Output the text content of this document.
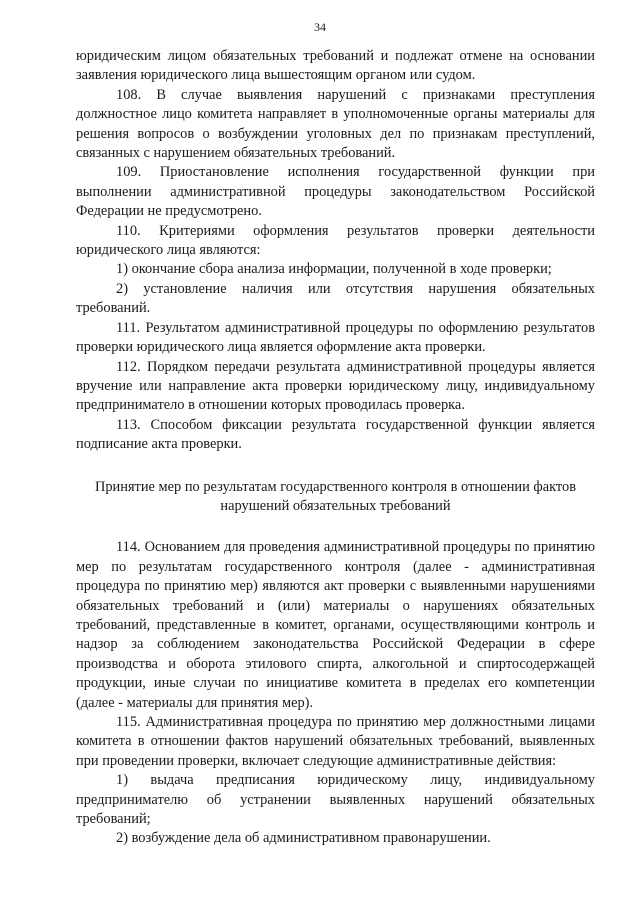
34

юридическим лицом обязательных требований и подлежат отмене на основании заявления юридического лица вышестоящим органом или судом.

108. В случае выявления нарушений с признаками преступления должностное лицо комитета направляет в уполномоченные органы материалы для решения вопросов о возбуждении уголовных дел по признакам преступлений, связанных с нарушением обязательных требований.

109. Приостановление исполнения государственной функции при выполнении административной процедуры законодательством Российской Федерации не предусмотрено.

110. Критериями оформления результатов проверки деятельности юридического лица являются:

1) окончание сбора анализа информации, полученной в ходе проверки;

2) установление наличия или отсутствия нарушения обязательных требований.

111. Результатом административной процедуры по оформлению результатов проверки юридического лица является оформление акта проверки.

112. Порядком передачи результата административной процедуры является вручение или направление акта проверки юридическому лицу, индивидуальному предприниматело в отношении которых проводилась проверка.

113. Способом фиксации результата государственной функции является подписание акта проверки.

Принятие мер по результатам государственного контроля в отношении фактов нарушений обязательных требований

114. Основанием для проведения административной процедуры по принятию мер по результатам государственного контроля (далее - административная процедура по принятию мер) являются акт проверки с выявленными нарушениями обязательных требований и (или) материалы о нарушениях обязательных требований, представленные в комитет, органами, осуществляющими контроль и надзор за соблюдением законодательства Российской Федерации в сфере производства и оборота этилового спирта, алкогольной и спиртосодержащей продукции, иные случаи по инициативе комитета в пределах его компетенции (далее - материалы для принятия мер).

115. Административная процедура по принятию мер должностными лицами комитета в отношении фактов нарушений обязательных требований, выявленных при проведении проверки, включает следующие административные действия:

1) выдача предписания юридическому лицу, индивидуальному предпринимателю об устранении выявленных нарушений обязательных требований;

2) возбуждение дела об административном правонарушении.
